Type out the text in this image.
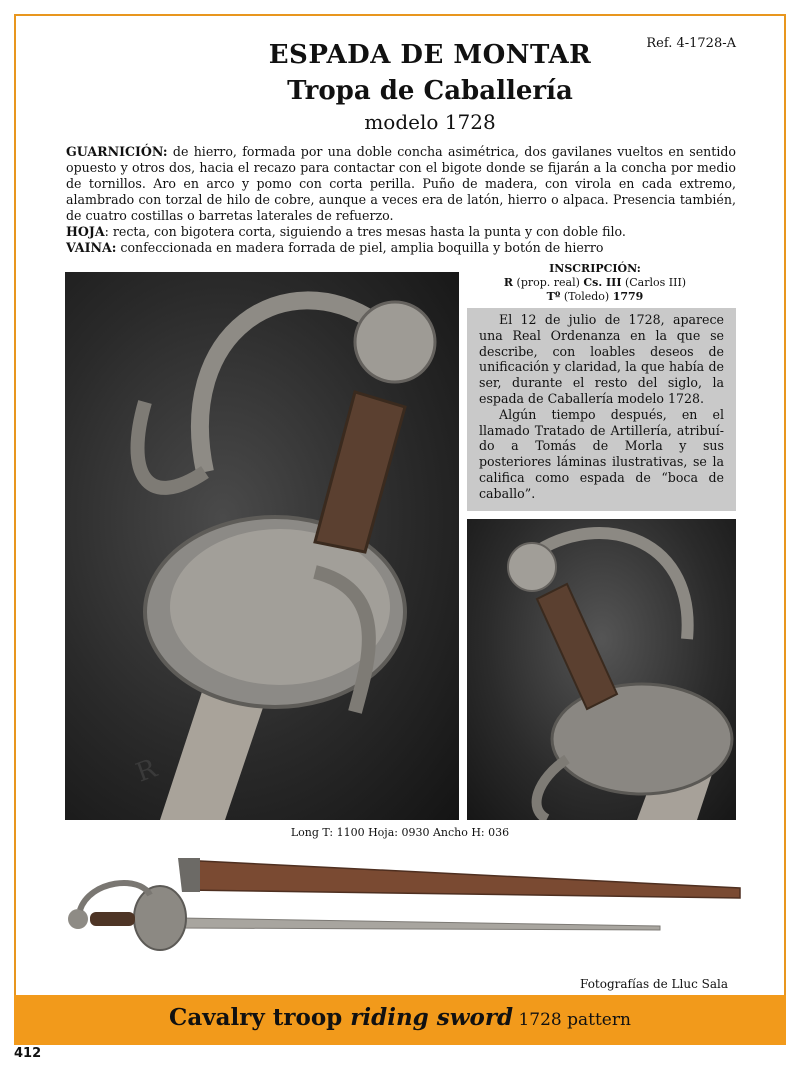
Ref. 4-1728-A
ESPADA DE MONTAR
Tropa de Caballería
modelo 1728
GUARNICIÓN: de hierro, formada por una doble concha asimétrica, dos gavilanes vueltos en sentido opuesto y otros dos, hacia el recazo para contactar con el bigote donde se fijarán a la concha por medio de tornillos. Aro en arco y pomo con corta perilla. Puño de madera, con virola en cada extremo, alambrado con torzal de hilo de cobre, aunque a veces era de latón, hierro o alpaca. Presencia también, de cuatro costillas o barretas laterales de refuerzo.
HOJA: recta, con bigotera corta, siguiendo a tres mesas hasta la punta y con doble filo.
VAINA: confeccionada en madera forrada de piel, amplia boquilla y botón de hierro
R
INSCRIPCIÓN:
R (prop. real) Cs. III (Carlos III)
Tº (Toledo) 1779

El 12 de julio de 1728, aparece una Real Ordenanza en la que se describe, con loables deseos de unificación y claridad, la que había de ser, durante el resto del siglo, la espada de Caballería modelo 1728.

Algún tiempo después, en el llamado Tratado de Artillería, atribuído a Tomás de Morla y sus posteriores láminas ilustrativas, se la califica como espada de “boca de caballo”.

Long T: 1100 Hoja: 0930 Ancho H: 036
Fotografías de Lluc Sala
Cavalry troop riding sword 1728 pattern
412
